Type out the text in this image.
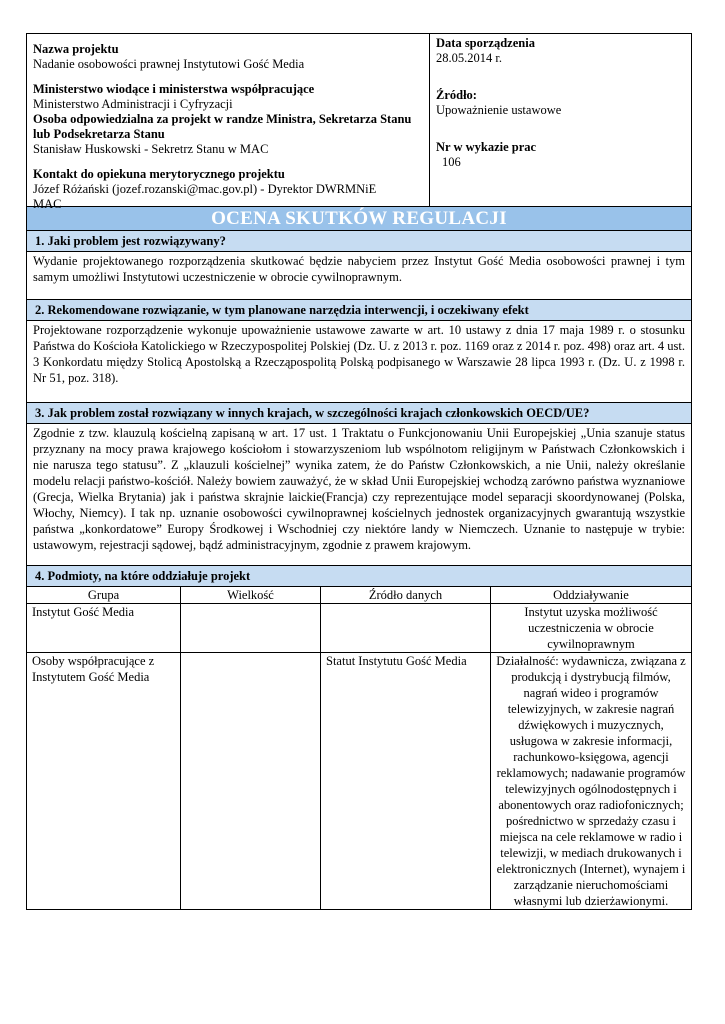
Nazwa projektu
Nadanie osobowości prawnej Instytutowi Gość Media
Ministerstwo wiodące i ministerstwa współpracujące
Ministerstwo Administracji i Cyfryzacji
Osoba odpowiedzialna za projekt w randze Ministra, Sekretarza Stanu
lub Podsekretarza Stanu
Stanisław Huskowski - Sekretrz Stanu w MAC
Kontakt do opiekuna merytorycznego projektu
Józef Różański (jozef.rozanski@mac.gov.pl) - Dyrektor DWRMNiE
MAC
Data sporządzenia
28.05.2014 r.
Źródło:
Upoważnienie ustawowe
Nr w wykazie prac
106
OCENA SKUTKÓW REGULACJI
1. Jaki problem jest rozwiązywany?
Wydanie projektowanego rozporządzenia skutkować będzie nabyciem przez Instytut Gość Media osobowości prawnej i tym samym umożliwi Instytutowi uczestniczenie w obrocie cywilnoprawnym.
2. Rekomendowane rozwiązanie, w tym planowane narzędzia interwencji, i oczekiwany efekt
Projektowane rozporządzenie wykonuje upoważnienie ustawowe zawarte w art. 10 ustawy z dnia 17 maja 1989 r. o stosunku Państwa do Kościoła Katolickiego w Rzeczypospolitej Polskiej (Dz. U. z 2013 r. poz. 1169 oraz z 2014 r. poz. 498) oraz art. 4 ust. 3 Konkordatu między Stolicą Apostolską a Rzecząpospolitą Polską podpisanego w Warszawie 28 lipca 1993 r. (Dz. U. z 1998 r. Nr 51, poz. 318).
3. Jak problem został rozwiązany w innych krajach, w szczególności krajach członkowskich OECD/UE?
Zgodnie z tzw. klauzulą kościelną zapisaną w art. 17 ust. 1 Traktatu o Funkcjonowaniu Unii Europejskiej „Unia szanuje status przyznany na mocy prawa krajowego kościołom i stowarzyszeniom lub wspólnotom religijnym w Państwach Członkowskich i nie narusza tego statusu”. Z „klauzuli kościelnej” wynika zatem, że do Państw Członkowskich, a nie Unii, należy określanie modelu relacji państwo-kościół. Należy bowiem zauważyć, że w skład Unii Europejskiej wchodzą zarówno państwa wyznaniowe (Grecja, Wielka Brytania) jak i państwa skrajnie laickie(Francja) czy reprezentujące model separacji skoordynowanej (Polska, Włochy, Niemcy). I tak np. uznanie osobowości cywilnoprawnej kościelnych jednostek organizacyjnych gwarantują wszystkie państwa „konkordatowe” Europy Środkowej i Wschodniej czy niektóre landy w Niemczech. Uznanie to następuje w trybie: ustawowym, rejestracji sądowej, bądź administracyjnym, zgodnie z prawem krajowym.
4. Podmioty, na które oddziałuje projekt
Grupa	Wielkość	Źródło danych	Oddziaływanie
Instytut Gość Media			Instytut uzyska możliwość uczestniczenia w obrocie cywilnoprawnym
Osoby współpracujące z Instytutem Gość Media		Statut Instytutu Gość Media	Działalność: wydawnicza, związana z produkcją i dystrybucją filmów, nagrań wideo i programów telewizyjnych, w zakresie nagrań dźwiękowych i muzycznych, usługowa w zakresie informacji, rachunkowo-księgowa, agencji reklamowych; nadawanie programów telewizyjnych ogólnodostępnych i abonentowych oraz radiofonicznych; pośrednictwo w sprzedaży czasu i miejsca na cele reklamowe w radio i telewizji, w mediach drukowanych i elektronicznych (Internet), wynajem i zarządzanie nieruchomościami własnymi lub dzierżawionymi.
